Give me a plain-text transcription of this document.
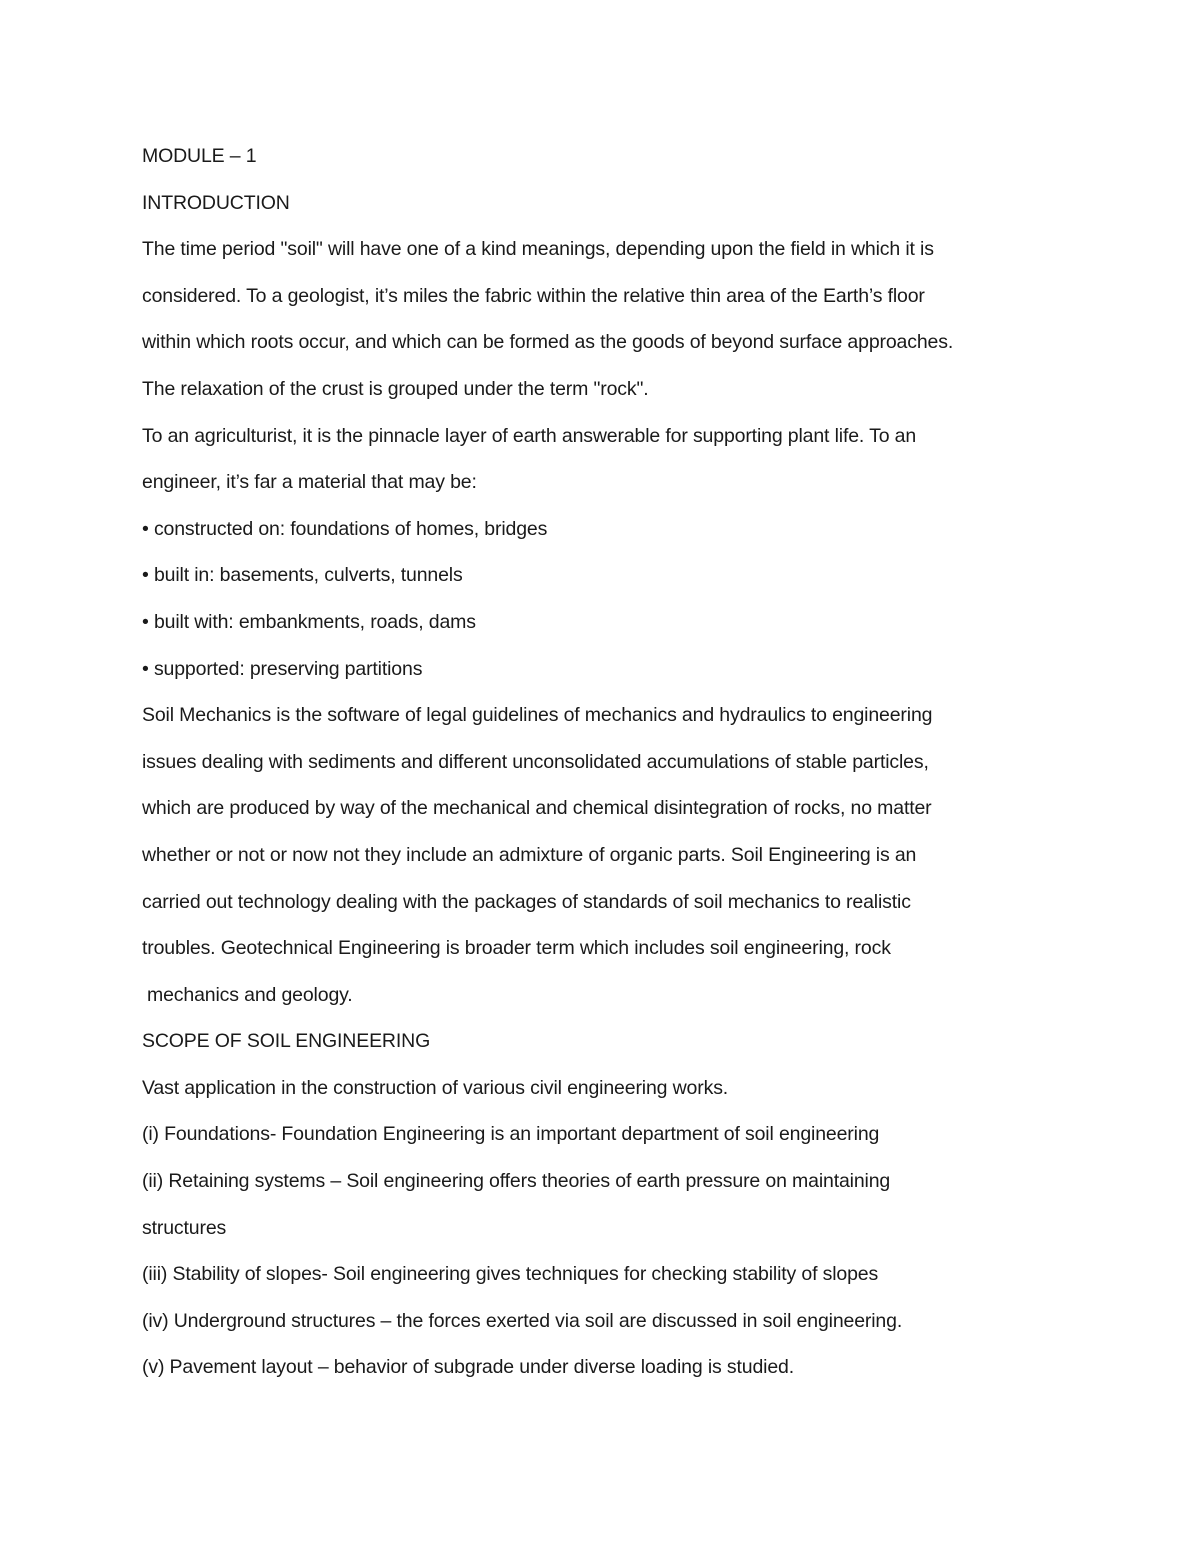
MODULE – 1
INTRODUCTION
The time period "soil" will have one of a kind meanings, depending upon the field in which it is
considered. To a geologist, it’s miles the fabric within the relative thin area of the Earth’s floor
within which roots occur, and which can be formed as the goods of beyond surface approaches.
The relaxation of the crust is grouped under the term "rock".
To an agriculturist, it is the pinnacle layer of earth answerable for supporting plant life. To an
engineer, it’s far a material that may be:
• constructed on: foundations of homes, bridges
• built in: basements, culverts, tunnels
• built with: embankments, roads, dams
• supported: preserving partitions
Soil Mechanics is the software of legal guidelines of mechanics and hydraulics to engineering
issues dealing with sediments and different unconsolidated accumulations of stable particles,
which are produced by way of the mechanical and chemical disintegration of rocks, no matter
whether or not or now not they include an admixture of organic parts. Soil Engineering is an
carried out technology dealing with the packages of standards of soil mechanics to realistic
troubles. Geotechnical Engineering is broader term which includes soil engineering, rock
mechanics and geology.
SCOPE OF SOIL ENGINEERING
Vast application in the construction of various civil engineering works.
(i) Foundations- Foundation Engineering is an important department of soil engineering
(ii) Retaining systems – Soil engineering offers theories of earth pressure on maintaining
structures
(iii) Stability of slopes- Soil engineering gives techniques for checking stability of slopes
(iv) Underground structures – the forces exerted via soil are discussed in soil engineering.
(v) Pavement layout – behavior of subgrade under diverse loading is studied.
